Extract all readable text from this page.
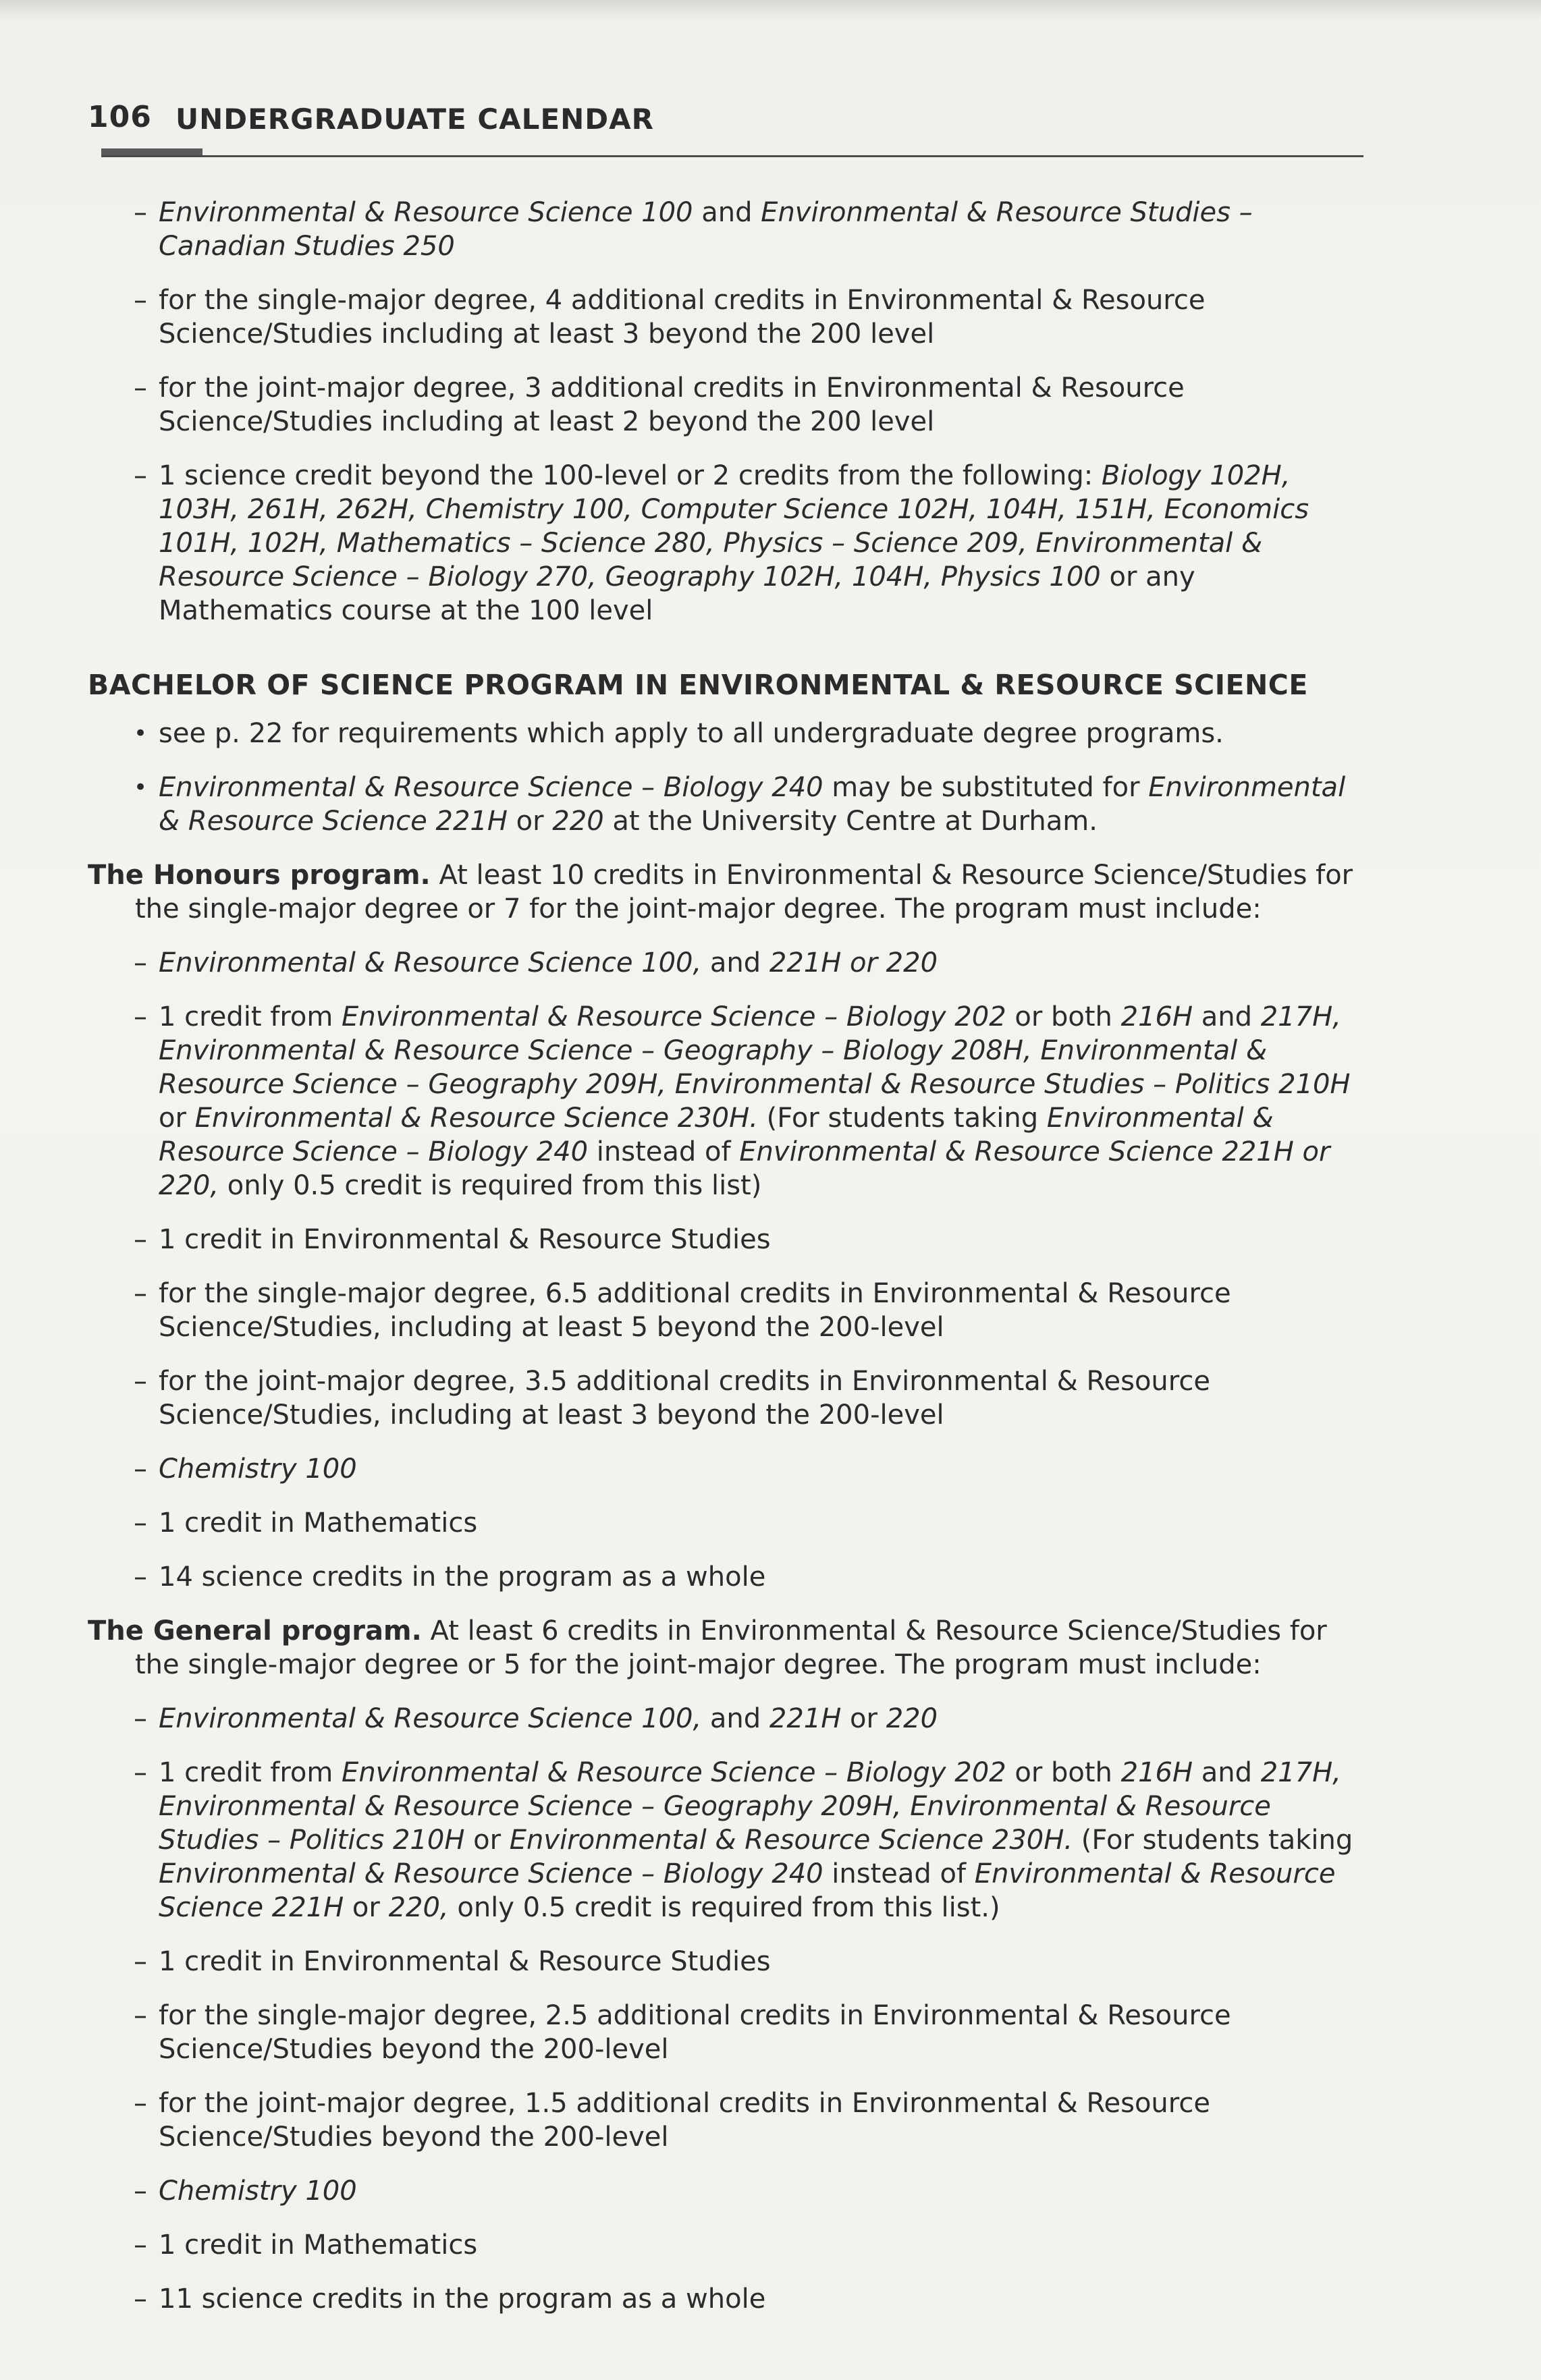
106 UNDERGRADUATE CALENDAR
– Environmental & Resource Science 100 and Environmental & Resource Studies – Canadian Studies 250
– for the single-major degree, 4 additional credits in Environmental & Resource Science/Studies including at least 3 beyond the 200 level
– for the joint-major degree, 3 additional credits in Environmental & Resource Science/Studies including at least 2 beyond the 200 level
– 1 science credit beyond the 100-level or 2 credits from the following: Biology 102H, 103H, 261H, 262H, Chemistry 100, Computer Science 102H, 104H, 151H, Economics 101H, 102H, Mathematics – Science 280, Physics – Science 209, Environmental & Resource Science – Biology 270, Geography 102H, 104H, Physics 100 or any Mathematics course at the 100 level
BACHELOR OF SCIENCE PROGRAM IN ENVIRONMENTAL & RESOURCE SCIENCE
• see p. 22 for requirements which apply to all undergraduate degree programs.
• Environmental & Resource Science – Biology 240 may be substituted for Environmental & Resource Science 221H or 220 at the University Centre at Durham.
The Honours program. At least 10 credits in Environmental & Resource Science/Studies for the single-major degree or 7 for the joint-major degree. The program must include:
– Environmental & Resource Science 100, and 221H or 220
– 1 credit from Environmental & Resource Science – Biology 202 or both 216H and 217H, Environmental & Resource Science – Geography – Biology 208H, Environmental & Resource Science – Geography 209H, Environmental & Resource Studies – Politics 210H or Environmental & Resource Science 230H. (For students taking Environmental & Resource Science – Biology 240 instead of Environmental & Resource Science 221H or 220, only 0.5 credit is required from this list)
– 1 credit in Environmental & Resource Studies
– for the single-major degree, 6.5 additional credits in Environmental & Resource Science/Studies, including at least 5 beyond the 200-level
– for the joint-major degree, 3.5 additional credits in Environmental & Resource Science/Studies, including at least 3 beyond the 200-level
– Chemistry 100
– 1 credit in Mathematics
– 14 science credits in the program as a whole
The General program. At least 6 credits in Environmental & Resource Science/Studies for the single-major degree or 5 for the joint-major degree. The program must include:
– Environmental & Resource Science 100, and 221H or 220
– 1 credit from Environmental & Resource Science – Biology 202 or both 216H and 217H, Environmental & Resource Science – Geography 209H, Environmental & Resource Studies – Politics 210H or Environmental & Resource Science 230H. (For students taking Environmental & Resource Science – Biology 240 instead of Environmental & Resource Science 221H or 220, only 0.5 credit is required from this list.)
– 1 credit in Environmental & Resource Studies
– for the single-major degree, 2.5 additional credits in Environmental & Resource Science/Studies beyond the 200-level
– for the joint-major degree, 1.5 additional credits in Environmental & Resource Science/Studies beyond the 200-level
– Chemistry 100
– 1 credit in Mathematics
– 11 science credits in the program as a whole
